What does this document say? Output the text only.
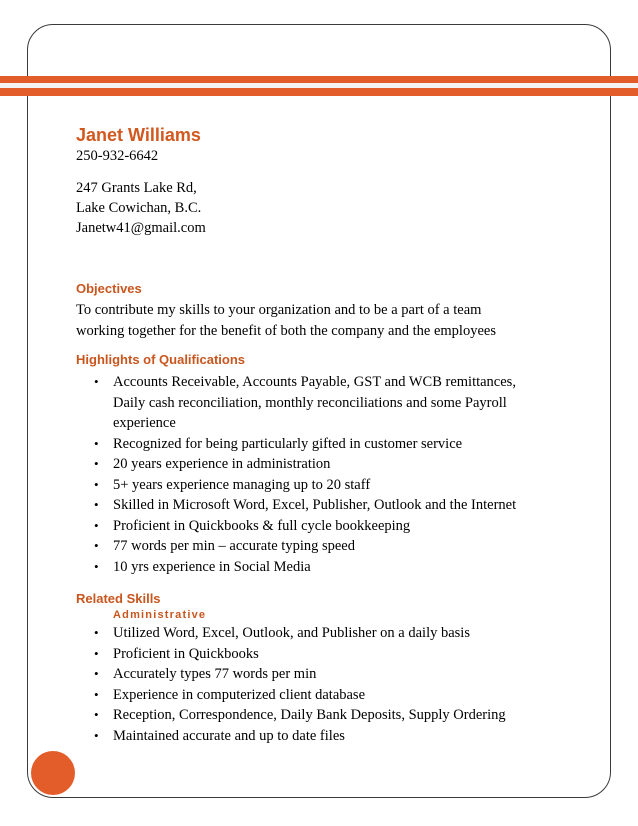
Janet Williams
250-932-6642
247 Grants Lake Rd,
Lake Cowichan, B.C.
Janetw41@gmail.com
Objectives
To contribute my skills to your organization and to be a part of a team
working together for the benefit of both the company and the employees
Highlights of Qualifications
• Accounts Receivable, Accounts Payable, GST and WCB remittances,
Daily cash reconciliation, monthly reconciliations and some Payroll
experience
• Recognized for being particularly gifted in customer service
• 20 years experience in administration
• 5+ years experience managing up to 20 staff
• Skilled in Microsoft Word, Excel, Publisher, Outlook and the Internet
• Proficient in Quickbooks & full cycle bookkeeping
• 77 words per min – accurate typing speed
• 10 yrs experience in Social Media
Related Skills
Administrative
• Utilized Word, Excel, Outlook, and Publisher on a daily basis
• Proficient in Quickbooks
• Accurately types 77 words per min
• Experience in computerized client database
• Reception, Correspondence, Daily Bank Deposits, Supply Ordering
• Maintained accurate and up to date files
